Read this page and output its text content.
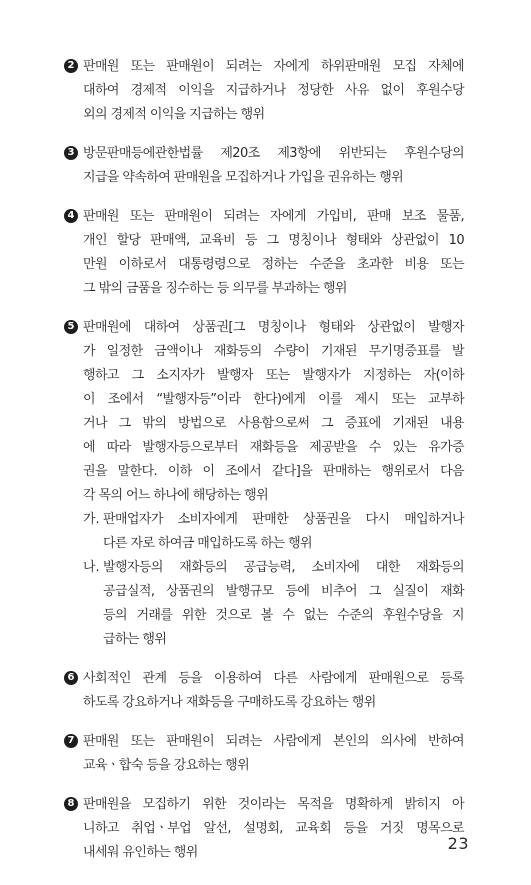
2 판매원 또는 판매원이 되려는 자에게 하위판매원 모집 자체에
대하여 경제적 이익을 지급하거나 정당한 사유 없이 후원수당
외의 경제적 이익을 지급하는 행위
3 방문판매등에관한법률 제20조 제3항에 위반되는 후원수당의
지급을 약속하여 판매원을 모집하거나 가입을 권유하는 행위
4 판매원 또는 판매원이 되려는 자에게 가입비, 판매 보조 물품,
개인 할당 판매액, 교육비 등 그 명칭이나 형태와 상관없이 10
만원 이하로서 대통령령으로 정하는 수준을 초과한 비용 또는
그 밖의 금품을 징수하는 등 의무를 부과하는 행위
5 판매원에 대하여 상품권[그 명칭이나 형태와 상관없이 발행자
가 일정한 금액이나 재화등의 수량이 기재된 무기명증표를 발
행하고 그 소지자가 발행자 또는 발행자가 지정하는 자(이하
이 조에서 “발행자등”이라 한다)에게 이를 제시 또는 교부하
거나 그 밖의 방법으로 사용함으로써 그 증표에 기재된 내용
에 따라 발행자등으로부터 재화등을 제공받을 수 있는 유가증
권을 말한다. 이하 이 조에서 같다]을 판매하는 행위로서 다음
각 목의 어느 하나에 해당하는 행위
가. 판매업자가 소비자에게 판매한 상품권을 다시 매입하거나
다른 자로 하여금 매입하도록 하는 행위
나. 발행자등의 재화등의 공급능력, 소비자에 대한 재화등의
공급실적, 상품권의 발행규모 등에 비추어 그 실질이 재화
등의 거래를 위한 것으로 볼 수 없는 수준의 후원수당을 지
급하는 행위
6 사회적인 관계 등을 이용하여 다른 사람에게 판매원으로 등록
하도록 강요하거나 재화등을 구매하도록 강요하는 행위
7 판매원 또는 판매원이 되려는 사람에게 본인의 의사에 반하여
교육ㆍ합숙 등을 강요하는 행위
8 판매원을 모집하기 위한 것이라는 목적을 명확하게 밝히지 아
니하고 취업ㆍ부업 알선, 설명회, 교육회 등을 거짓 명목으로
내세워 유인하는 행위	23
